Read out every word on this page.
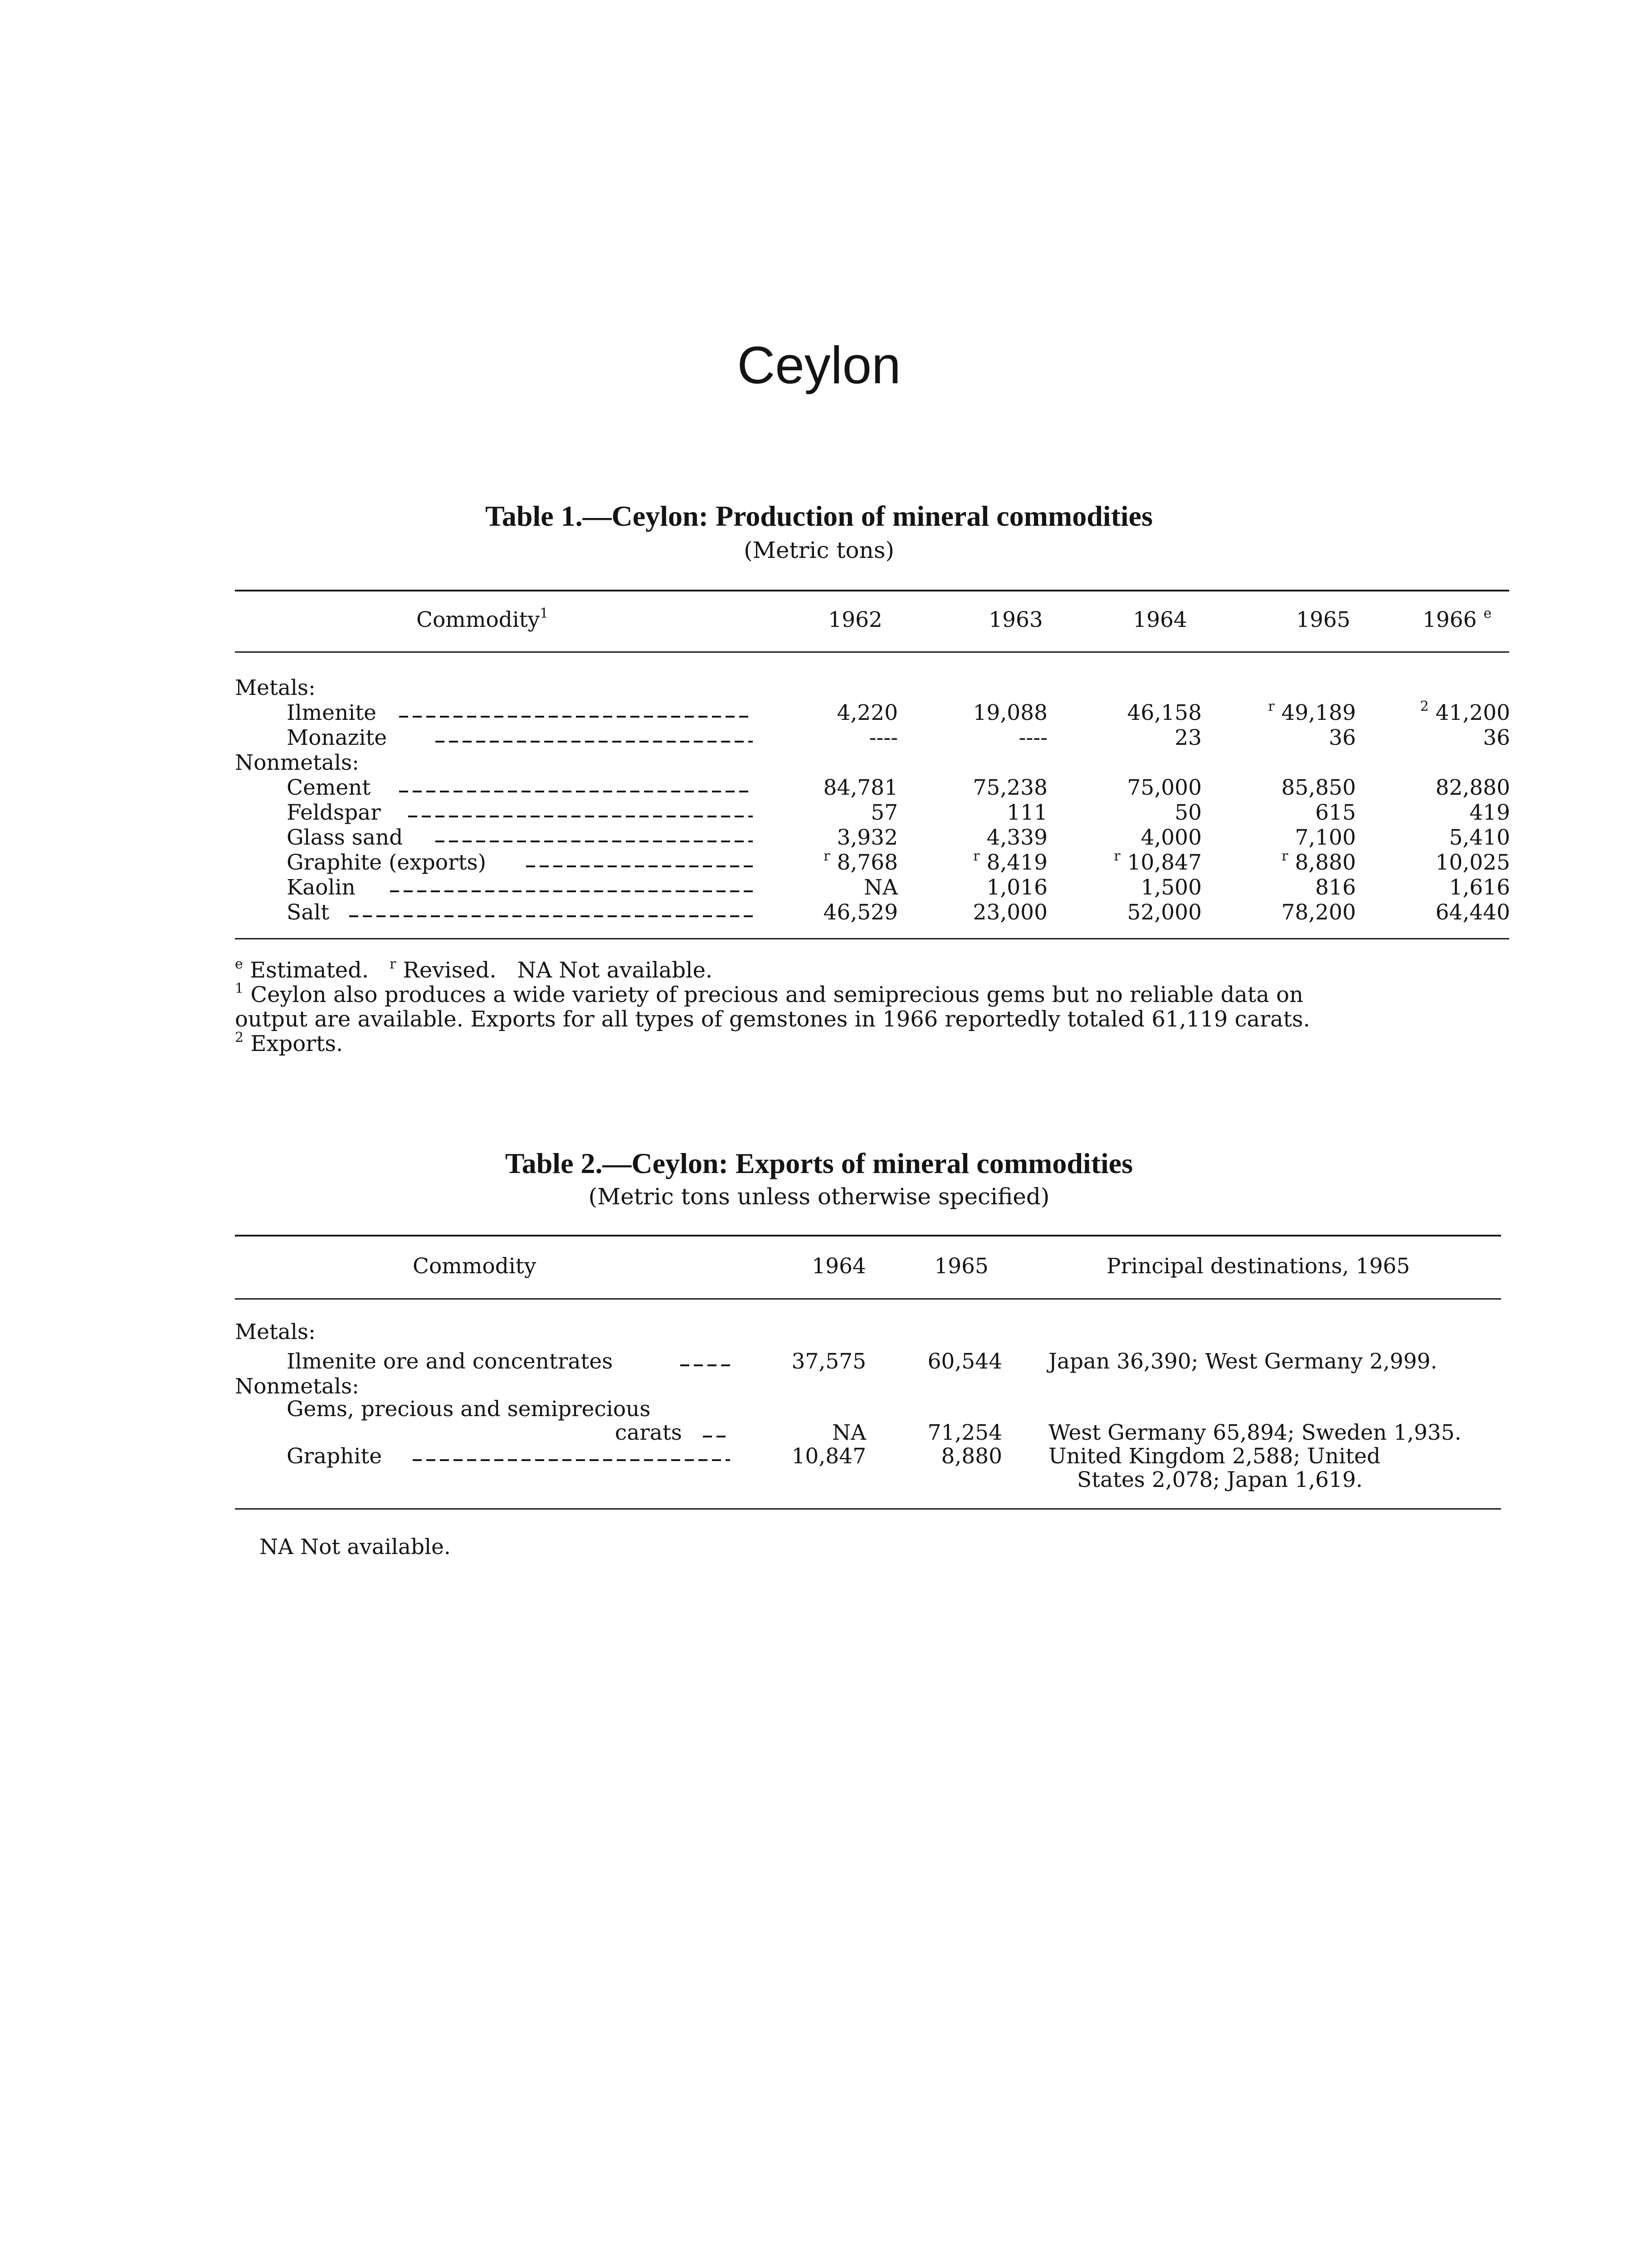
Ceylon
Table 1.—Ceylon: Production of mineral commodities
(Metric tons)
Commodity$^1$	1962	1963	1964	1965	1966 $^e$
Metals:
Ilmenite	4,220	19,088	46,158	$^r$ 49,189	$^2$ 41,200
Monazite	----	----	23	36	36
Nonmetals:
Cement	84,781	75,238	75,000	85,850	82,880
Feldspar	57	111	50	615	419
Glass sand	3,932	4,339	4,000	7,100	5,410
Graphite (exports)	$^r$ 8,768	$^r$ 8,419	$^r$ 10,847	$^r$ 8,880	10,025
Kaolin	NA	1,016	1,500	816	1,616
Salt	46,529	23,000	52,000	78,200	64,440
$^e$ Estimated. $^r$ Revised. NA Not available.
$^1$ Ceylon also produces a wide variety of precious and semiprecious gems but no reliable data on
output are available. Exports for all types of gemstones in 1966 reportedly totaled 61,119 carats.
$^2$ Exports.
Table 2.—Ceylon: Exports of mineral commodities
(Metric tons unless otherwise specified)
Commodity	1964	1965	Principal destinations, 1965
Metals:
Ilmenite ore and concentrates	37,575	60,544 Japan 36,390; West Germany 2,999.
Nonmetals:
Gems, precious and semiprecious
carats	NA	71,254 West Germany 65,894; Sweden 1,935.
Graphite	10,847	8,880 United Kingdom 2,588; United
States 2,078; Japan 1,619.
NA Not available.
